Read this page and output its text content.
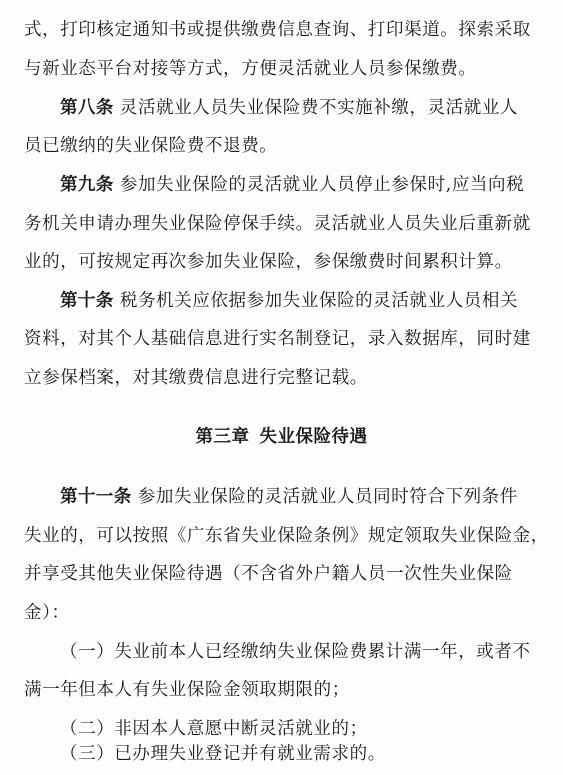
式，打印核定通知书或提供缴费信息查询、打印渠道。探索采取
与新业态平台对接等方式，方便灵活就业人员参保缴费。
第八条 灵活就业人员失业保险费不实施补缴，灵活就业人
员已缴纳的失业保险费不退费。
第九条 参加失业保险的灵活就业人员停止参保时,应当向税
务机关申请办理失业保险停保手续。灵活就业人员失业后重新就
业的，可按规定再次参加失业保险，参保缴费时间累积计算。
第十条 税务机关应依据参加失业保险的灵活就业人员相关
资料，对其个人基础信息进行实名制登记，录入数据库，同时建
立参保档案，对其缴费信息进行完整记载。
第三章 失业保险待遇
第十一条 参加失业保险的灵活就业人员同时符合下列条件
失业的，可以按照《广东省失业保险条例》规定领取失业保险金，
并享受其他失业保险待遇（不含省外户籍人员一次性失业保险
金）：
（一）失业前本人已经缴纳失业保险费累计满一年，或者不
满一年但本人有失业保险金领取期限的；
（二）非因本人意愿中断灵活就业的；
（三）已办理失业登记并有就业需求的。
